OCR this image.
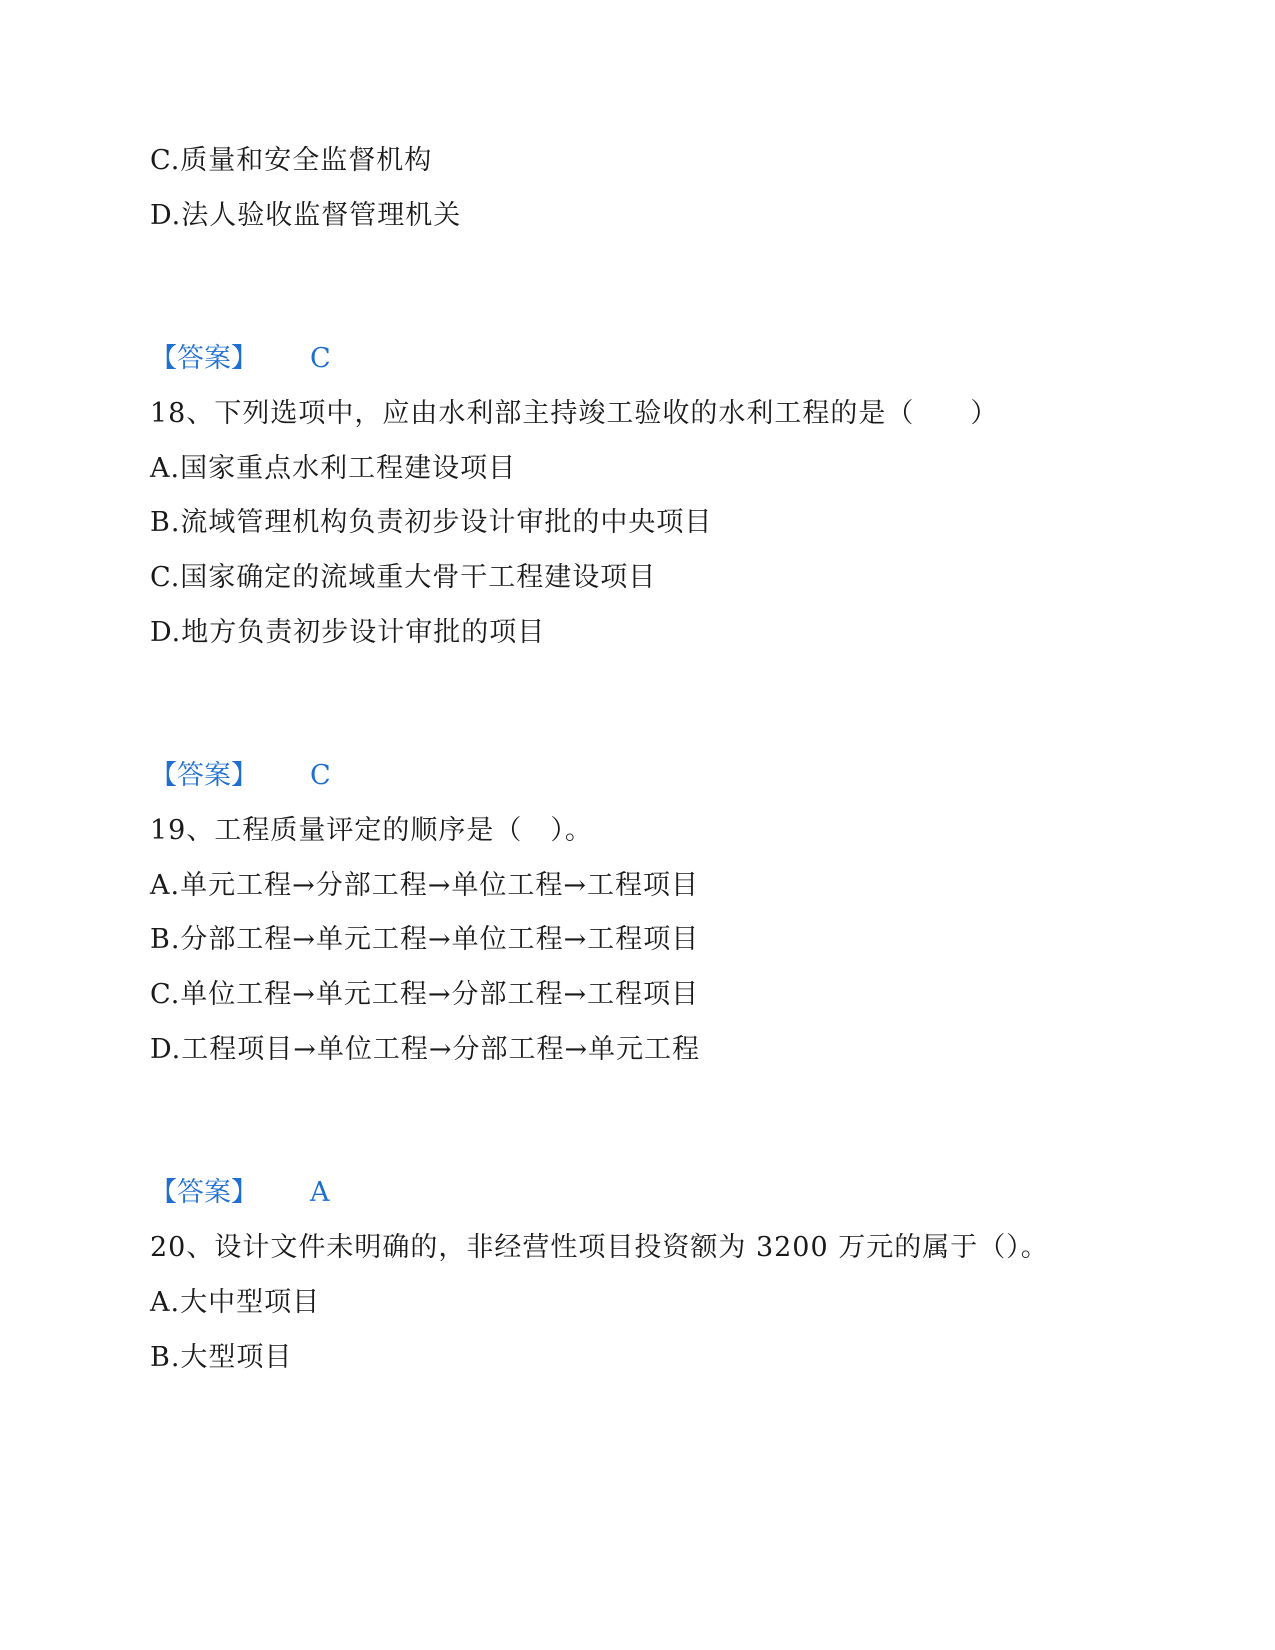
C.质量和安全监督机构
D.法人验收监督管理机关
【答案】 C
18、下列选项中，应由水利部主持竣工验收的水利工程的是（　　）
A.国家重点水利工程建设项目
B.流域管理机构负责初步设计审批的中央项目
C.国家确定的流域重大骨干工程建设项目
D.地方负责初步设计审批的项目
【答案】 C
19、工程质量评定的顺序是（　）。
A.单元工程→分部工程→单位工程→工程项目
B.分部工程→单元工程→单位工程→工程项目
C.单位工程→单元工程→分部工程→工程项目
D.工程项目→单位工程→分部工程→单元工程
【答案】 A
20、设计文件未明确的，非经营性项目投资额为 3200 万元的属于（）。
A.大中型项目
B.大型项目
